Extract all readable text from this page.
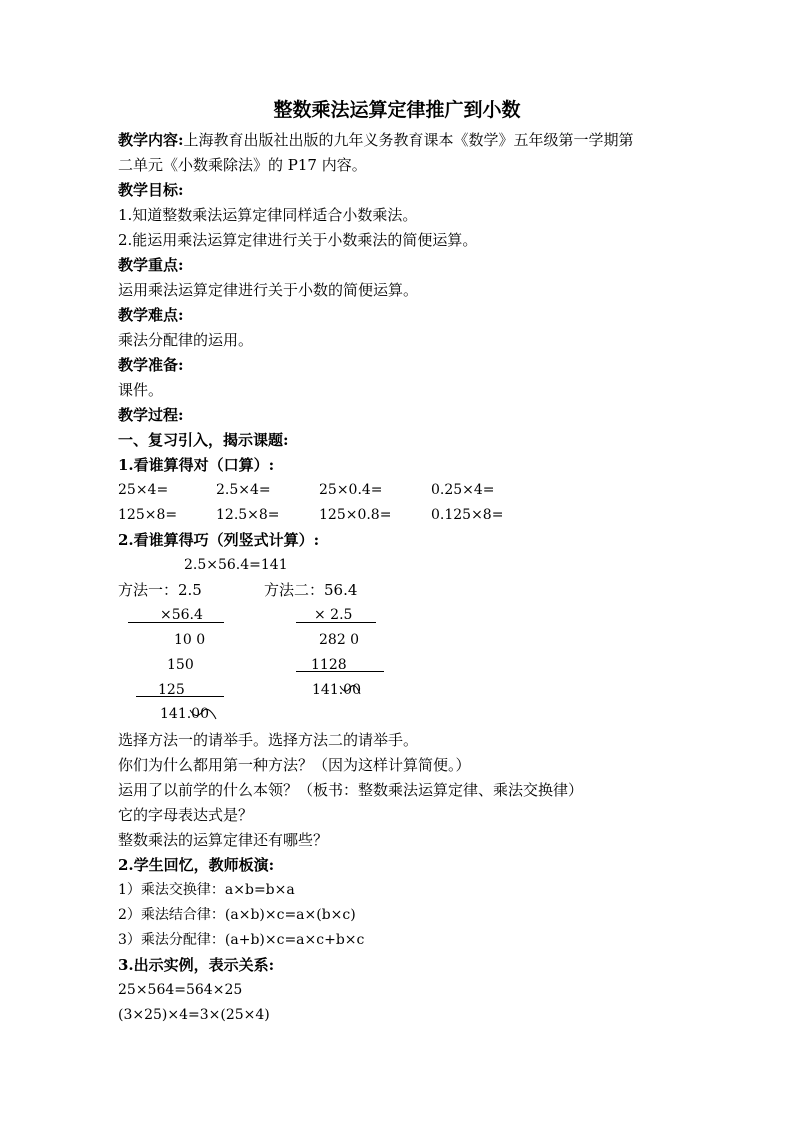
整数乘法运算定律推广到小数
教学内容:上海教育出版社出版的九年义务教育课本《数学》五年级第一学期第
二单元《小数乘除法》的 P17 内容。
教学目标:
1.知道整数乘法运算定律同样适合小数乘法。
2.能运用乘法运算定律进行关于小数乘法的简便运算。
教学重点:
运用乘法运算定律进行关于小数的简便运算。
教学难点:
乘法分配律的运用。
教学准备:
课件。
教学过程:
一、复习引入，揭示课题:
1.看谁算得对（口算）:
25×4=	2.5×4=	25×0.4=	0.25×4=
125×8=	12.5×8=	125×0.8=	0.125×8=
2.看谁算得巧（列竖式计算）:
2.5×56.4=141
方法一：2.5
×56.4
10 0
150
125
141.00
方法二：56.4
× 2.5
282 0
1128
141.00
选择方法一的请举手。选择方法二的请举手。
你们为什么都用第一种方法？（因为这样计算简便。）
运用了以前学的什么本领？（板书：整数乘法运算定律、乘法交换律）
它的字母表达式是？
整数乘法的运算定律还有哪些？
2.学生回忆，教师板演:
1）乘法交换律：a×b=b×a
2）乘法结合律：(a×b)×c=a×(b×c)
3）乘法分配律：(a+b)×c=a×c+b×c
3.出示实例，表示关系:
25×564=564×25
(3×25)×4=3×(25×4)
